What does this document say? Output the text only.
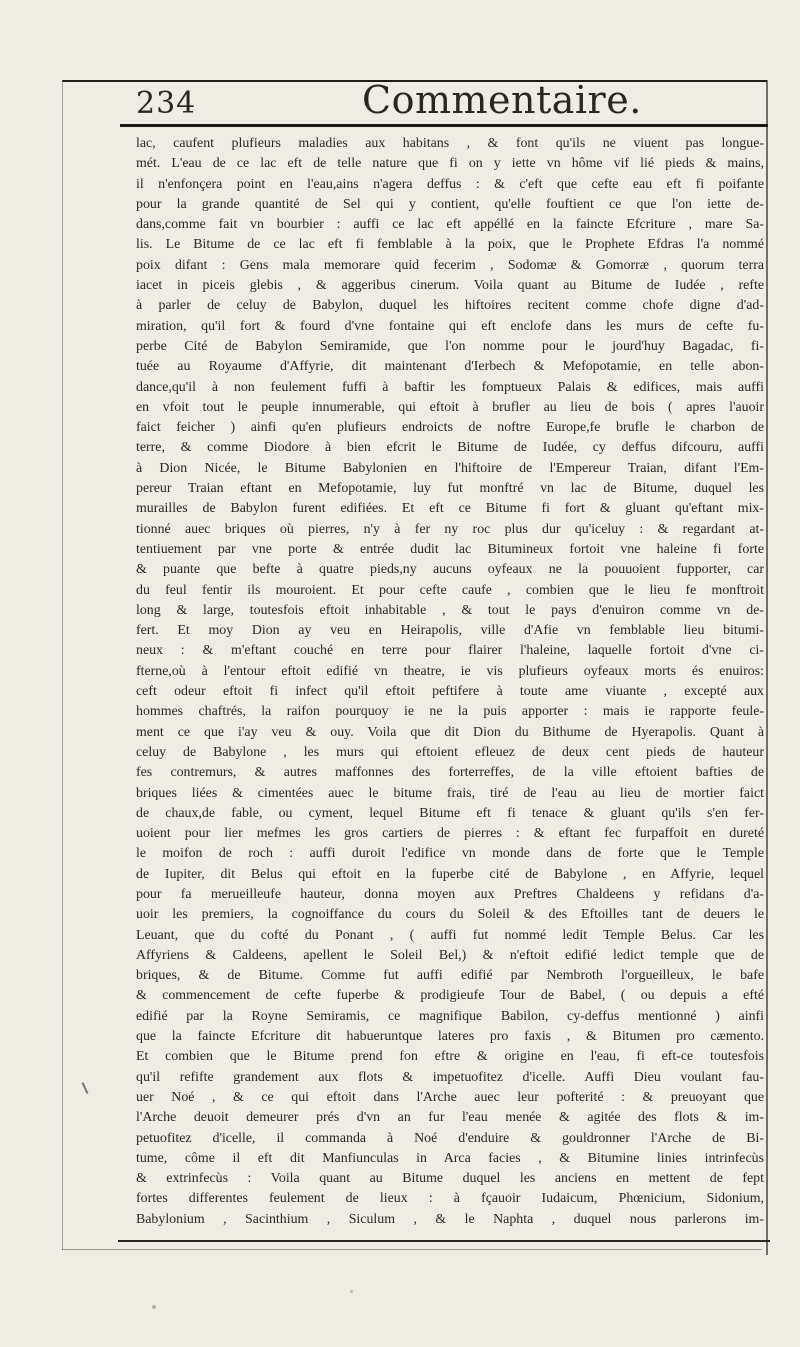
234	Commentaire.
lac, caufent plufieurs maladies aux habitans , & font qu'ils ne viuent pas longue-
mét. L'eau de ce lac eft de telle nature que fi on y iette vn hôme vif lié pieds & mains,
il n'enfonçera point en l'eau,ains n'agera deffus : & c'eft que cefte eau eft fi poifante
pour la grande quantité de Sel qui y contient, qu'elle fouftient ce que l'on iette de-
dans,comme fait vn bourbier : auffi ce lac eft appéllé en la faincte Efcriture , mare Sa-
lis. Le Bitume de ce lac eft fi femblable à la poix, que le Prophete Efdras l'a nommé
poix difant : Gens mala memorare quid fecerim , Sodomæ & Gomorræ , quorum terra
iacet in piceis glebis , & aggeribus cinerum. Voila quant au Bitume de Iudée , refte
à parler de celuy de Babylon, duquel les hiftoires recitent comme chofe digne d'ad-
miration, qu'il fort & fourd d'vne fontaine qui eft enclofe dans les murs de cefte fu-
perbe Cité de Babylon Semiramide, que l'on nomme pour le jourd'huy Bagadac, fi-
tuée au Royaume d'Affyrie, dit maintenant d'Ierbech & Mefopotamie, en telle abon-
dance,qu'il à non feulement fuffi à baftir les fomptueux Palais & edifices, mais auffi
en vfoit tout le peuple innumerable, qui eftoit à brufler au lieu de bois ( apres l'auoir
faict feicher ) ainfi qu'en plufieurs endroicts de noftre Europe,fe brufle le charbon de
terre, & comme Diodore à bien efcrit le Bitume de Iudée, cy deffus difcouru, auffi
à Dion Nicée, le Bitume Babylonien en l'hiftoire de l'Empereur Traian, difant l'Em-
pereur Traian eftant en Mefopotamie, luy fut monftré vn lac de Bitume, duquel les
murailles de Babylon furent edifiées. Et eft ce Bitume fi fort & gluant qu'eftant mix-
tionné auec briques où pierres, n'y à fer ny roc plus dur qu'iceluy : & regardant at-
tentiuement par vne porte & entrée dudit lac Bitumineux fortoit vne haleine fi forte
& puante que befte à quatre pieds,ny aucuns oyfeaux ne la pouuoient fupporter, car
du feul fentir ils mouroient. Et pour cefte caufe , combien que le lieu fe monftroit
long & large, toutesfois eftoit inhabitable , & tout le pays d'enuiron comme vn de-
fert. Et moy Dion ay veu en Heirapolis, ville d'Afie vn femblable lieu bitumi-
neux : & m'eftant couché en terre pour flairer l'haleine, laquelle fortoit d'vne ci-
fterne,où à l'entour eftoit edifié vn theatre, ie vis plufieurs oyfeaux morts és enuiros:
ceft odeur eftoit fi infect qu'il eftoit peftifere à toute ame viuante , excepté aux
hommes chaftrés, la raifon pourquoy ie ne la puis apporter : mais ie rapporte feule-
ment ce que i'ay veu & ouy. Voila que dit Dion du Bithume de Hyerapolis. Quant à
celuy de Babylone , les murs qui eftoient efleuez de deux cent pieds de hauteur
fes contremurs, & autres maffonnes des forterreffes, de la ville eftoient bafties de
briques liées & cimentées auec le bitume frais, tiré de l'eau au lieu de mortier faict
de chaux,de fable, ou cyment, lequel Bitume eft fi tenace & gluant qu'ils s'en fer-
uoient pour lier mefmes les gros cartiers de pierres : & eftant fec furpaffoit en dureté
le moifon de roch : auffi duroit l'edifice vn monde dans de forte que le Temple
de Iupiter, dit Belus qui eftoit en la fuperbe cité de Babylone , en Affyrie, lequel
pour fa merueilleufe hauteur, donna moyen aux Preftres Chaldeens y refidans d'a-
uoir les premiers, la cognoiffance du cours du Soleil & des Eftoilles tant de deuers le
Leuant, que du cofté du Ponant , ( auffi fut nommé ledit Temple Belus. Car les
Affyriens & Caldeens, apellent le Soleil Bel,) & n'eftoit edifié ledict temple que de
briques, & de Bitume. Comme fut auffi edifié par Nembroth l'orgueilleux, le bafe
& commencement de cefte fuperbe & prodigieufe Tour de Babel, ( ou depuis a efté
edifié par la Royne Semiramis, ce magnifique Babilon, cy-deffus mentionné ) ainfi
que la faincte Efcriture dit habueruntque lateres pro faxis , & Bitumen pro cæmento.
Et combien que le Bitume prend fon eftre & origine en l'eau, fi eft-ce toutesfois
qu'il refifte grandement aux flots & impetuofitez d'icelle. Auffi Dieu voulant fau-
uer Noé , & ce qui eftoit dans l'Arche auec leur pofterité : & preuoyant que
l'Arche deuoit demeurer prés d'vn an fur l'eau menée & agitée des flots & im-
petuofitez d'icelle, il commanda à Noé d'enduire & gouldronner l'Arche de Bi-
tume, côme il eft dit Manfiunculas in Arca facies , & Bitumine linies intrinfecùs
& extrinfecùs : Voila quant au Bitume duquel les anciens en mettent de fept
fortes differentes feulement de lieux : à fçauoir Iudaicum, Phœnicium, Sidonium,
Babylonium , Sacinthium , Siculum , & le Naphta , duquel nous parlerons im-
